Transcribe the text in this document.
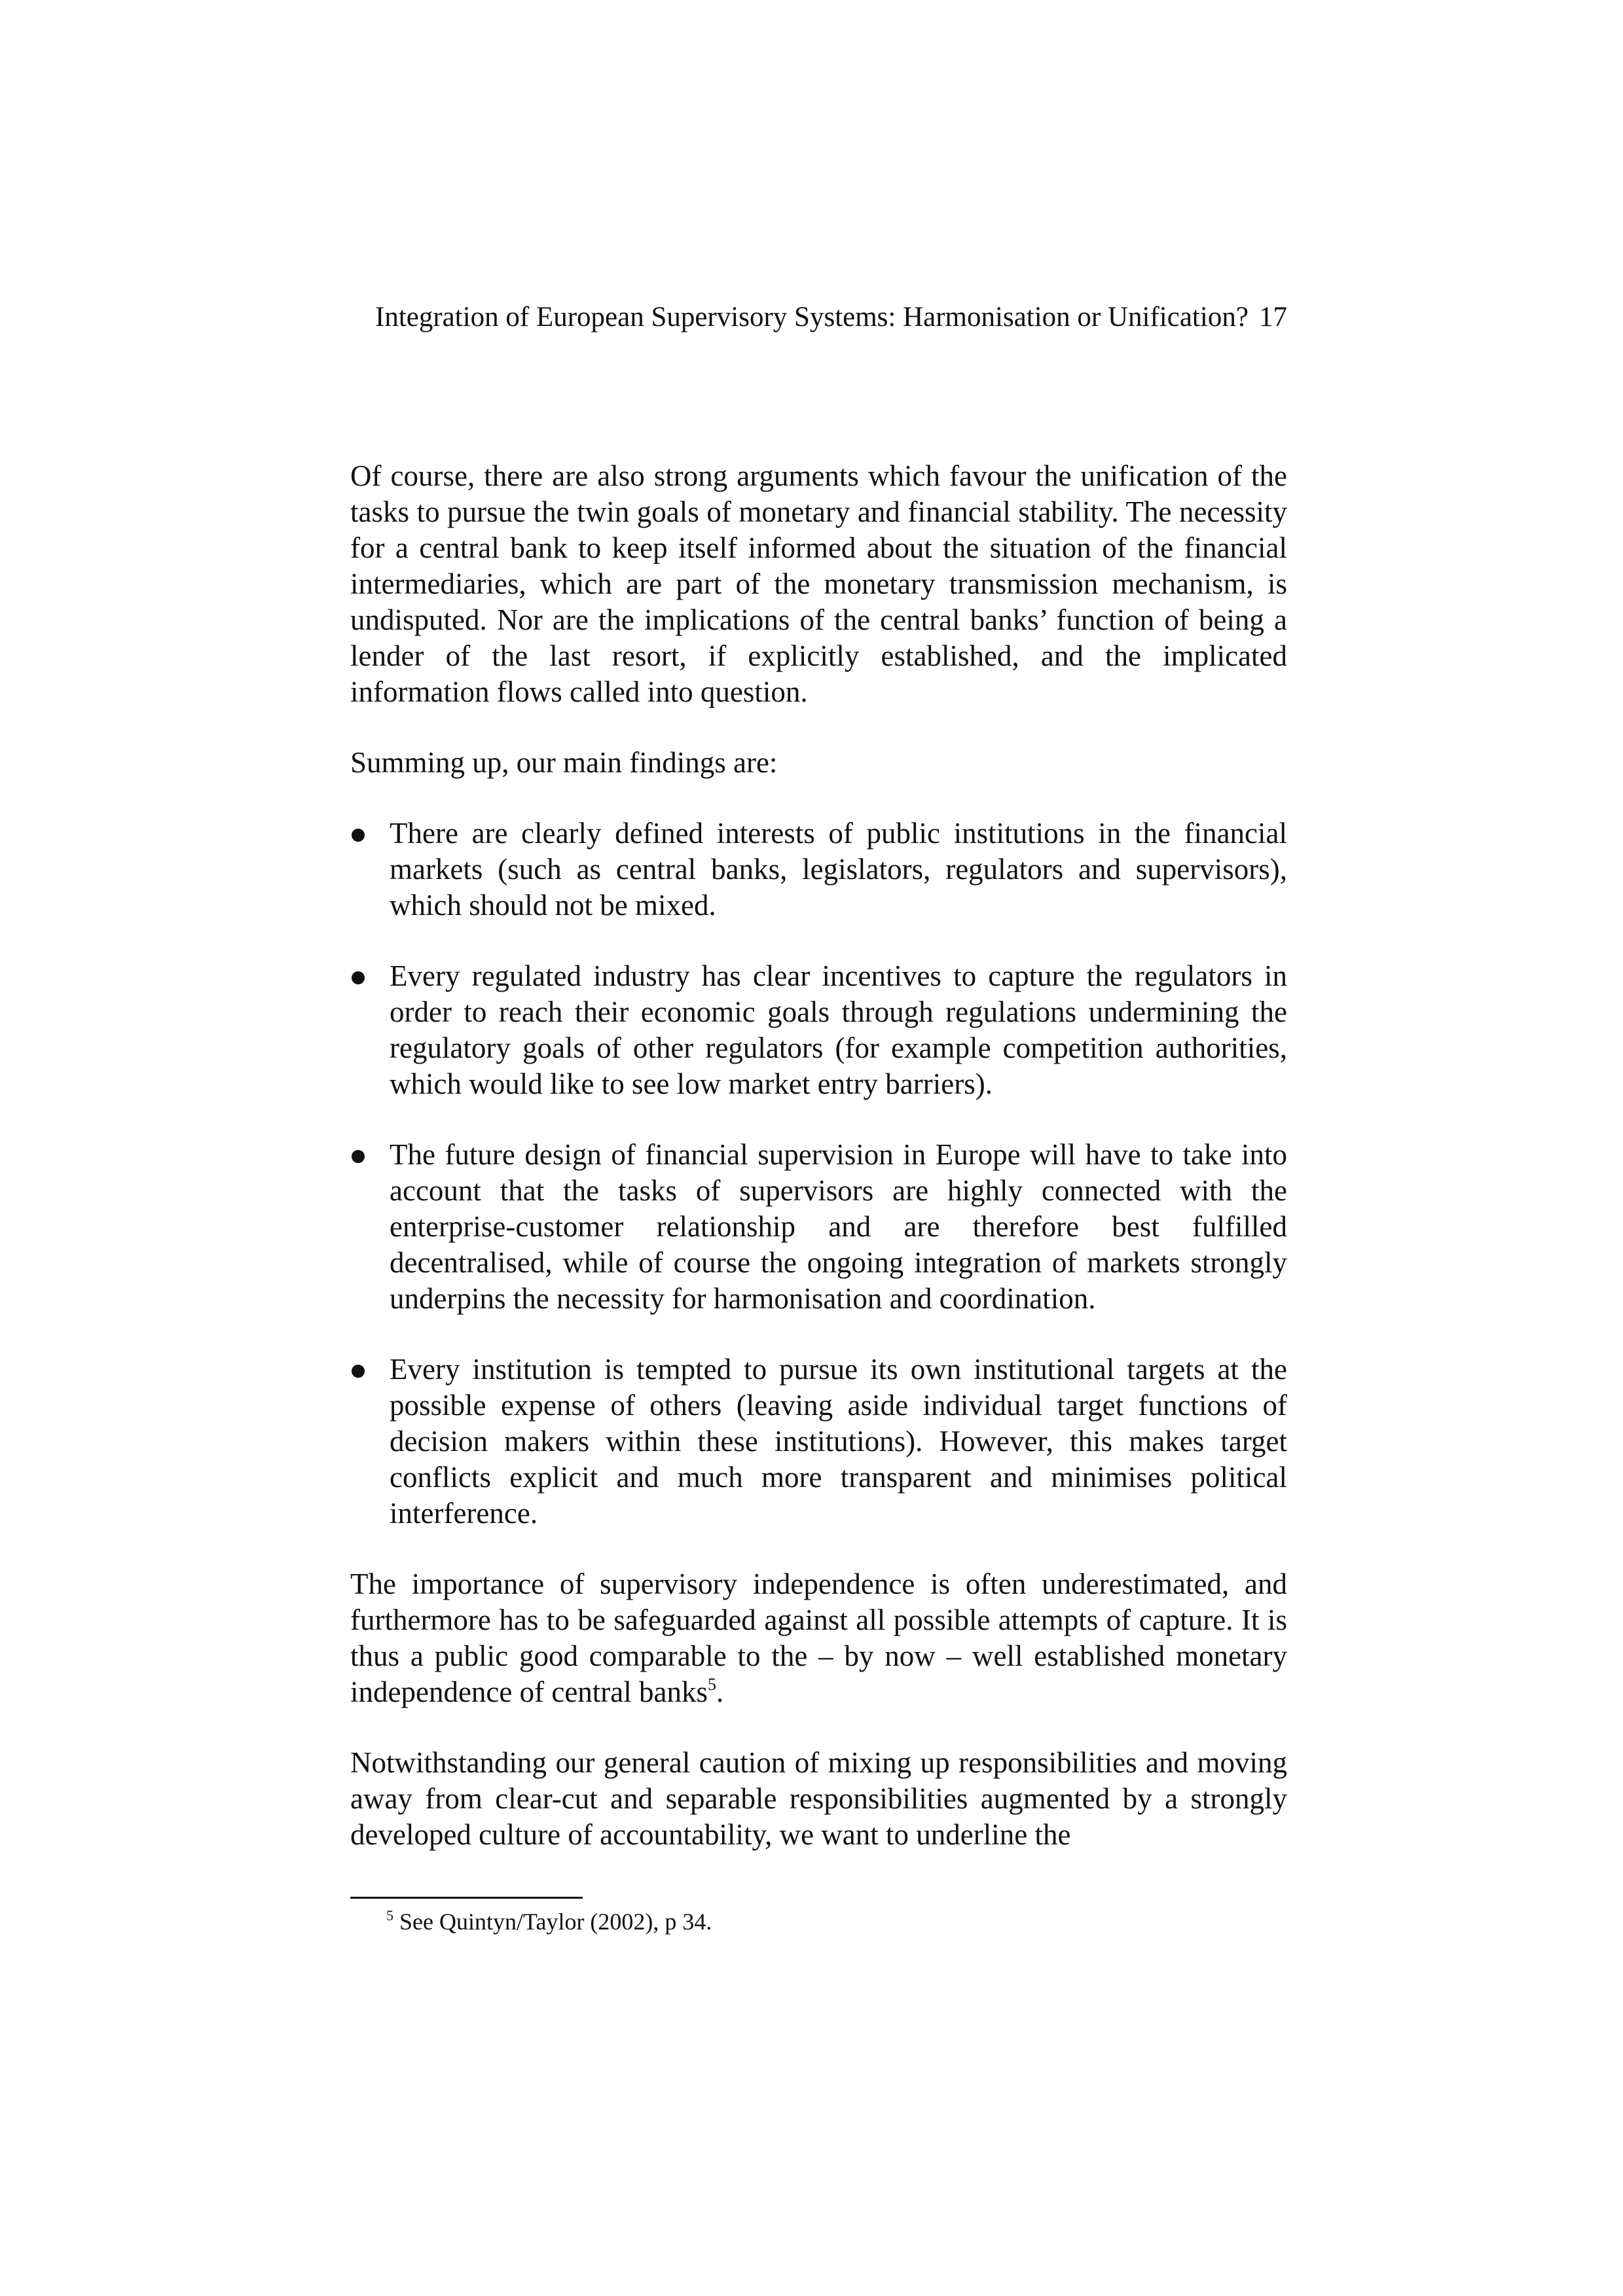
Integration of European Supervisory Systems: Harmonisation or Unification? 17

Of course, there are also strong arguments which favour the unification of the tasks to pursue the twin goals of monetary and financial stability. The necessity for a central bank to keep itself informed about the situation of the financial intermediaries, which are part of the monetary transmission mechanism, is undisputed. Nor are the implications of the central banks’ function of being a lender of the last resort, if explicitly established, and the implicated information flows called into question.

Summing up, our main findings are:

There are clearly defined interests of public institutions in the financial markets (such as central banks, legislators, regulators and supervisors), which should not be mixed.
Every regulated industry has clear incentives to capture the regulators in order to reach their economic goals through regulations undermining the regulatory goals of other regulators (for example competition authorities, which would like to see low market entry barriers).
The future design of financial supervision in Europe will have to take into account that the tasks of supervisors are highly connected with the enterprise-customer relationship and are therefore best fulfilled decentralised, while of course the ongoing integration of markets strongly underpins the necessity for harmonisation and coordination.
Every institution is tempted to pursue its own institutional targets at the possible expense of others (leaving aside individual target functions of decision makers within these institutions). However, this makes target conflicts explicit and much more transparent and minimises political interference.

The importance of supervisory independence is often underestimated, and furthermore has to be safeguarded against all possible attempts of capture. It is thus a public good comparable to the – by now – well established monetary independence of central banks$^5$.

Notwithstanding our general caution of mixing up responsibilities and moving away from clear-cut and separable responsibilities augmented by a strongly developed culture of accountability, we want to underline the

$^5$ See Quintyn/Taylor (2002), p 34.
